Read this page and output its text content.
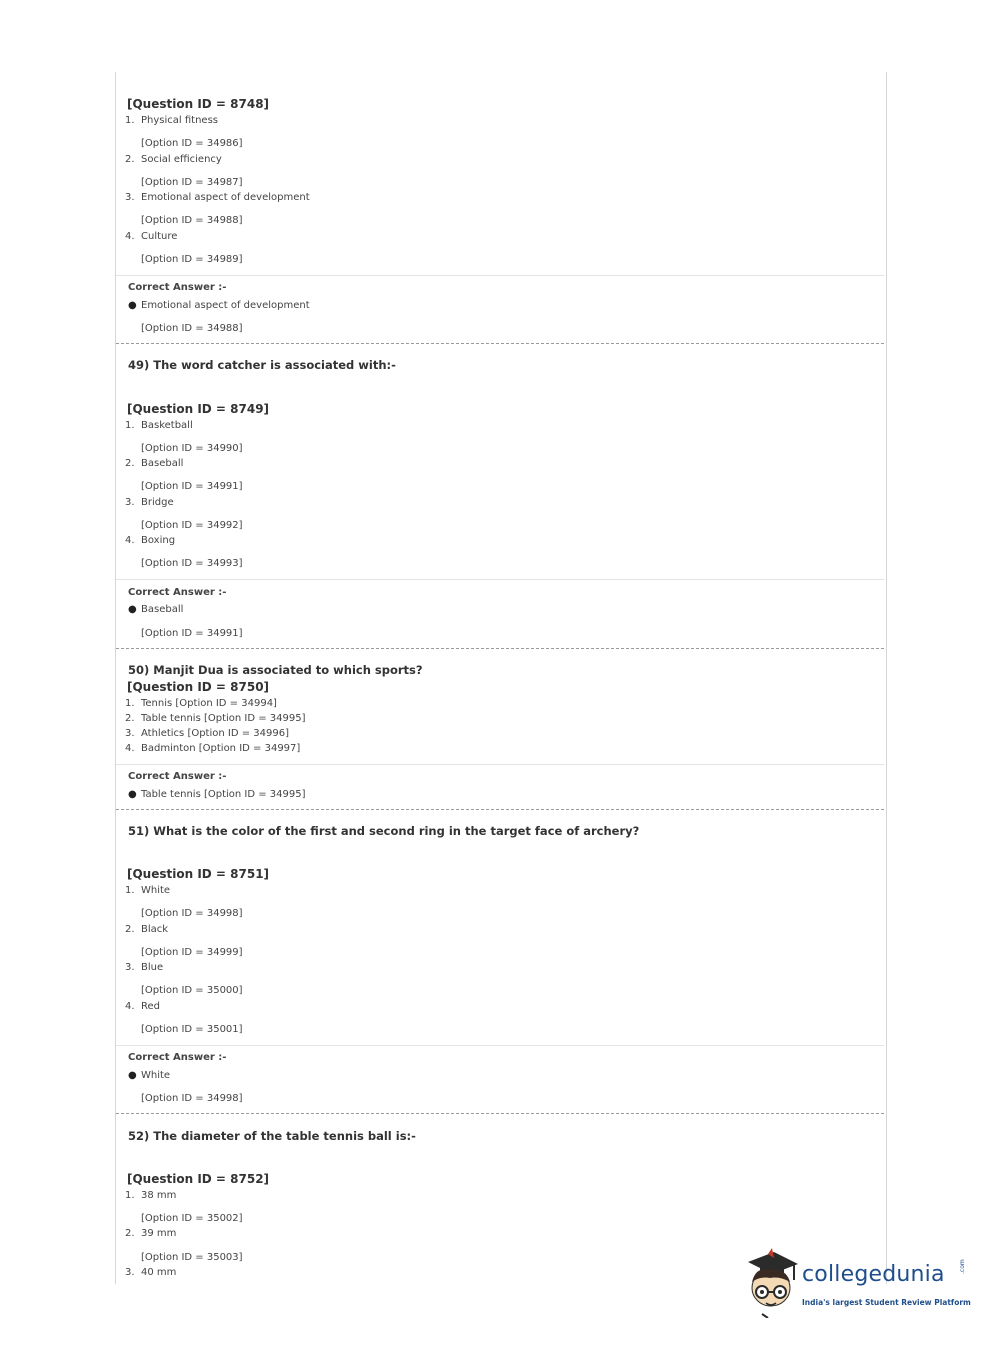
[Question ID = 8748]
1. Physical fitness
[Option ID = 34986]
2. Social efficiency
[Option ID = 34987]
3. Emotional aspect of development
[Option ID = 34988]
4. Culture
[Option ID = 34989]
Correct Answer :-
● Emotional aspect of development
[Option ID = 34988]
49) The word catcher is associated with:-
[Question ID = 8749]
1. Basketball
[Option ID = 34990]
2. Baseball
[Option ID = 34991]
3. Bridge
[Option ID = 34992]
4. Boxing
[Option ID = 34993]
Correct Answer :-
● Baseball
[Option ID = 34991]
50) Manjit Dua is associated to which sports?
[Question ID = 8750]
1. Tennis [Option ID = 34994]
2. Table tennis [Option ID = 34995]
3. Athletics [Option ID = 34996]
4. Badminton [Option ID = 34997]
Correct Answer :-
● Table tennis [Option ID = 34995]
51) What is the color of the first and second ring in the target face of archery?
[Question ID = 8751]
1. White
[Option ID = 34998]
2. Black
[Option ID = 34999]
3. Blue
[Option ID = 35000]
4. Red
[Option ID = 35001]
Correct Answer :-
● White
[Option ID = 34998]
52) The diameter of the table tennis ball is:-
[Question ID = 8752]
1. 38 mm
[Option ID = 35002]
2. 39 mm
[Option ID = 35003]
3. 40 mm	collegedunia .com
India's largest Student Review Platform
